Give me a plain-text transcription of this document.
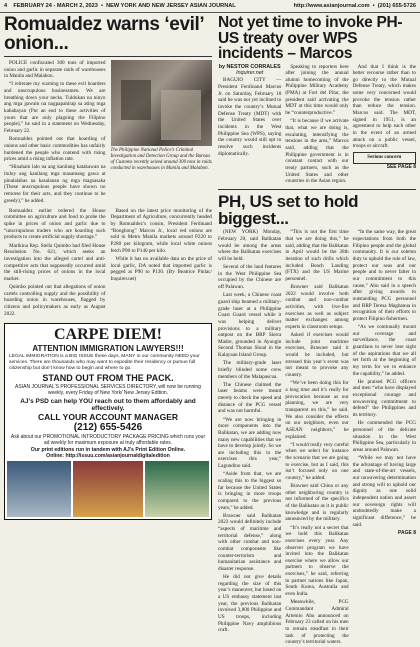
4 FEBRUARY 24 - MARCH 2, 2023  •  NEW YORK AND NEW JERSEY ASIAN JOURNAL	http://www.asianjournal.com  •  (201) 655-5726
Romualdez warns ‘evil’ onion...

POLICE confiscated 300 tons of imported onion and garlic in separate raids of warehouses in Manila and Malabon.

“I reiterate my warning to these evil hoarders and unscrupulous businessmen. We are breathing down your necks. Tuldukan na ninyo ang mga gawain na nagpapahirap sa ating mga kababayan (Put an end to these activities of yours that are only plaguing the Filipino people),” he said in a statement on Wednesday, February 22.

Romualdez pointed out that hoarding of onions and other basic commodities has unfairly burdened the people who contend with rising prices amid a rising inflation rate.

“Hinahain lalo na ang kanilang katakawan na ituloy ang kanilang mga masamang gawa at pinalalabas na kasalanan ng mga magsasaka (These unscrupulous people have shown no remorse for their acts, and they continue to be greedy),” he added.

The Philippine National Police’s Criminal Investigation and Detection Group and the Bureau of Customs recently seized around 300 tons in raids conducted in warehouses in Manila and Malabon.

Romualdez earlier ordered the House committee on agriculture and food to probe the spike in prices of onion and garlic due to “unscrupulous traders who are hoarding such products to create artificial supply shortage.”

Marikina Rep. Stella Quimbo had filed House Resolution No. 621, which seeks an investigation into the alleged cartel and anti-competitive acts that supposedly occurred amid the still-rising prices of onions in the local market.

Quimbo pointed out that allegations of onion cartels controlling supply and the possibility of hoarding onion in warehouses, flagged by citizens and policymakers as early as August 2022.

Based on the latest price monitoring of the Department of Agriculture, concurrently headed by Romualdez’s cousin, President Ferdinand “Bongbong” Marcos Jr., local red onions are sold in Metro Manila markets around P220 to P280 per kilogram, while local white onions fetch P90 to P140 per kilo.

While it has no available data on the price of local garlic, DA noted that imported garlic is pegged at P90 to P130. (By Beatrice Pinlac/ Inquirer.net)

CARPE DIEM!
ATTENTION IMMIGRATION LAWYERS!!!
LEGAL IMMIGRATION is a BIG ISSUE these days. MANY in our community NEED your services. There are thousands who may want to expedite their residency or pursue full citizenship but don’t know how to begin and where to go.
STAND OUT FROM THE PACK.
ASIAN JOURNAL’S PROFESSIONAL SERVICES DIRECTORY, will now be running weekly, every Friday of New York/ New Jersey Edition.
AJ’s PSD can help YOU reach out to them affordably and effectively.
CALL YOUR ACCOUNT MANAGER
(212) 655-5426
Ask about our PROMOTIONAL INTRODUCTORY PACKAGE PRICING which runs your ad weekly for maximum exposure at truly affordable rates.
Our print editions run in tandem with AJ’s Print Edition Online.
Online: http://issuu.com/asianjournaldigitaledition
Not yet time to invoke PH-US treaty over WPS incidents – Marcos
by NESTOR CORRALES
Inquirer.net

BAGUIO CITY — President Ferdinand Marcos Jr. on Saturday, February 18 said he was not yet inclined to invoke the country’s Mutual Defense Treaty (MDT) with the United States over incidents in the West Philippine Sea (WPS), saying the country would still opt to resolve such incidents diplomatically.

Speaking to reporters here after joining the annual alumni homecoming of the Philippine Military Academy (PMA) at Fort del Pilar, the president said activating the MDT at this time would only be “counterproductive.”

“It is because if we activate that, what we are doing is, escalating, intensifying the tensions in the area,” Marcos said, adding that the Philippine government is in constant contact with our treaty partners, such as the United States and other countries in the Asian region.

And that I think is the better recourse rather than to go directly to the Mutual Defense Treaty, which makes some very concerned would provoke the tension rather than reduce the tension. Marcos said. The MDT, signed in 1951, is an agreement to help each other in the event of an armed attack on a public vessel, troops or aircraft.

Serious concern
SEE PAGE 8
PH, US set to hold biggest...

(NEW YORK) Monday, February 20, said Balikatan would be among the areas where the Balikatan exercises will be held.

Several of the land features in the West Philippine Sea occupied by the Chinese are off Palawan.

Last week, a Chinese coast guard ship beamed a military-grade laser at a Philippine Coast Guard vessel while it was helping deliver provisions to a military outpost on the BRP Sierra Madre, grounded in Ayungin Second Thomas Shoal in the Kalayaan Island Group.

The military-grade laser briefly blinded some crew members of the Malapascua.

The Chinese claimed the laser beams were meant merely to check the speed and distance of the PCG vessel and was not harmful.

“We are now bringing in more components into the Balikatan, we are adding now many new capabilities that we have to develop jointly. So we are including this in the exercises this year,” Lagundino said.

“Aside from that, we are scaling this to the biggest so far because the United States is bringing in more troops compared to the previous years,” he added.

Brawner said Balikatan 2023 would definitely include “aspects of maritime and territorial defense,” along with other combat and non-combat components like counter-terrorism and humanitarian assistance and disaster response.

He did not give details regarding the size of this year’s maneuver, but based on a US embassy statement last year, the previous Balikatan involved 3,800 Philippine and US troops, including Philippine Navy amphibious craft.

“This is not the first time that we are doing this,” he said, adding that the Balikatan in April would be the 38th iteration of such drills which included Beach Landing (FTX) and the US Marine personnel.

Brawner said Balikatan 2022 would involve both combat and non-combat activities, with live-fire exercises as well as subject matter exchanges among experts in classroom setups.

Asked if exercises would include joint maritime exercises, Brawner said it would be included, but stressed this year’s event was not meant to provoke any country.

“We’ve been doing this for a long time and it’s really for provocation because as our planning, we are very transparent on this,” he said. We also consider the effects on our neighbors, even our ASEAN neighbors,” he explained.

“I would really very careful when we select for instance the scenario that we are going to exercise, but as I said, this isn’t focused only on one country,” he added.

Brawner said China or any other neighboring country is not informed of the specifics of the Balikatan as it is public knowledge and is regularly announced by the military.

“It’s really not a secret that we hold this Balikatan exercises every year. Any observer program we have invited into the Balikatan exercise where we allow our partners to observe the exercises,” he said, referring to partner nations like Japan, South Korea, Australia and even India.

Meanwhile, PCG Commandant Admiral Artemio Abu announced on February 23 called on his men to remain steadfast in their task of protecting the country’s territorial waters.

“In the same way, the great expectations from both the Filipino people and the global community. It is our solemn duty to uphold the rule of law, protect our seas and our people and to never falter in our commitment to this cause,” Abu said in a speech after giving awards to outstanding PCG personnel and BRP Teresa Magbanua in recognition of their efforts to protect Filipino fishermen.

“As we continually mount our coverage and surveillance, the coast guardians to never lose sight of the aspirations that we all set forth at the beginning of my term for we to enhance the capability,” he added.

He praised PCG officers and men “who have displayed exceptional courage and unwavering commitment to defend” the Philippines and its territory.

He commended the PCG personnel of the delicate situation in the West Philippine Sea, particularly in areas around Palawan.

“While we may not have the advantage of having large and state-of-the-art vessels, our unwavering determination and strong will to uphold our dignity as one solid independent nation and assert our sovereign rights will undoubtedly make a significant difference,” he said.

PAGE 8
